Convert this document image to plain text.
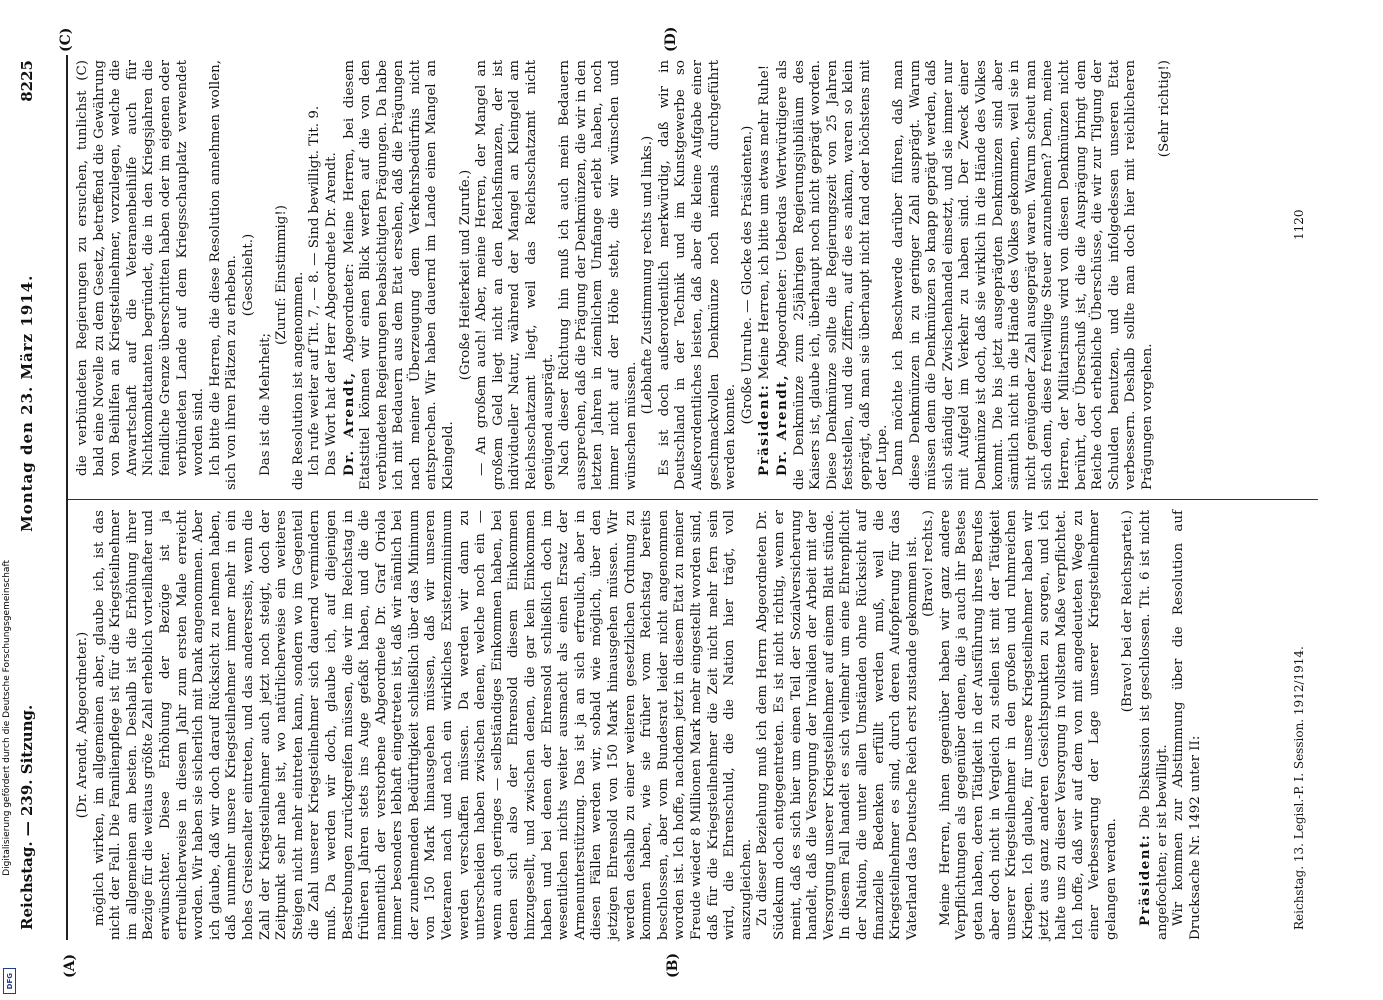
Reichstag. — 239. Sitzung.
Montag den 23. März 1914.
8225
(A)	(B)
(C)	(D)

(Dr. Arendt, Abgeordneter.) möglich wirken, im allgemeinen aber, glaube ich, ist das nicht der Fall. Die Familienpflege ist für die Kriegsteilnehmer im allgemeinen am besten. Deshalb ist die Erhöhung ihrer Bezüge für die weitaus größte Zahl erheblich vorteilhafter und erwünschter. Diese Erhöhung der Bezüge ist ja erfreulicherweise in diesem Jahr zum ersten Male erreicht worden. Wir haben sie sicherlich mit Dank angenommen. Aber ich glaube, daß wir doch darauf Rücksicht zu nehmen haben, daß nunmehr unsere Kriegsteilnehmer immer mehr in ein hohes Greisenalter eintreten, und das andererseits, wenn die Zahl der Kriegsteilnehmer auch jetzt noch steigt, doch der Zeitpunkt sehr nahe ist, wo natürlicherweise ein weiteres Steigen nicht mehr eintreten kann, sondern wo im Gegenteil die Zahl unserer Kriegsteilnehmer sich dauernd vermindern muß. Da werden wir doch, glaube ich, auf diejenigen Bestrebungen zurückgreifen müssen, die wir im Reichstag in früheren Jahren stets ins Auge gefaßt haben, und die die namentlich der verstorbene Abgeordnete Dr. Graf Oriola immer besonders lebhaft eingetreten ist, daß wir nämlich bei der zunehmenden Bedürftigkeit schließlich über das Minimum von 150 Mark hinausgehen müssen, daß wir unseren Veteranen nach und nach ein wirkliches Existenzminimum werden verschaffen müssen. Da werden wir dann zu unterscheiden haben zwischen denen, welche noch ein — wenn auch geringes — selbständiges Einkommen haben, bei denen sich also der Ehrensold diesem Einkommen hinzugesellt, und zwischen denen, die gar kein Einkommen haben und bei denen der Ehrensold schließlich doch im wesentlichen nichts weiter ausmacht als einen Ersatz der Armenunterstützung. Das ist ja an sich erfreulich, aber in diesen Fällen werden wir, sobald wie möglich, über den jetzigen Ehrensold von 150 Mark hinausgehen müssen. Wir werden deshalb zu einer weiteren gesetzlichen Ordnung zu kommen haben, wie sie früher vom Reichstag bereits beschlossen, aber vom Bundesrat leider nicht angenommen worden ist. Ich hoffe, nachdem jetzt in diesem Etat zu meiner Freude wieder 8 Millionen Mark mehr eingestellt worden sind, daß für die Kriegsteilnehmer die Zeit nicht mehr fern sein wird, die Ehrenschuld, die die Nation hier trägt, voll auszugleichen. Zu dieser Beziehung muß ich dem Herrn Abgeordneten Dr. Südekum doch entgegentreten. Es ist nicht richtig, wenn er meint, daß es sich hier um einen Teil der Sozialversicherung handelt, daß die Versorgung der Invaliden der Arbeit mit der Versorgung unserer Kriegsteilnehmer auf einem Blatt stünde. In diesem Fall handelt es sich vielmehr um eine Ehrenpflicht der Nation, die unter allen Umständen ohne Rücksicht auf finanzielle Bedenken erfüllt werden muß, weil die Kriegsteilnehmer es sind, durch deren Aufopferung für das Vaterland das Deutsche Reich erst zustande gekommen ist. (Bravo! rechts.) Meine Herren, ihnen gegenüber haben wir ganz andere Verpflichtungen als gegenüber denen, die ja auch ihr Bestes getan haben, deren Tätigkeit in der Ausführung ihres Berufes aber doch nicht in Vergleich zu stellen ist mit der Tätigkeit unserer Kriegsteilnehmer in den großen und ruhmreichen Kriegen. Ich glaube, für unsere Kriegsteilnehmer haben wir jetzt aus ganz anderen Gesichtspunkten zu sorgen, und ich halte uns zu dieser Versorgung in vollstem Maße verpflichtet. Ich hoffe, daß wir auf dem von mit angedeuteten Wege zu einer Verbesserung der Lage unserer Kriegsteilnehmer gelangen werden.

(Bravo! bei der Reichspartei.)

Präsident: Die Diskussion ist geschlossen. Tit. 6 ist nicht angefochten; er ist bewilligt. Wir kommen zur Abstimmung über die Resolution auf Drucksache Nr. 1492 unter II:

die verbündeten Regierungen zu ersuchen, tunlichst (C) bald eine Novelle zu dem Gesetz, betreffend die Gewährung von Beihilfen an Kriegsteilnehmer, vorzulegen, welche die Anwartschaft auf die Veteranenbeihilfe auch für Nichtkombattanten begründet, die in den Kriegsjahren die feindliche Grenze überschritten haben oder im eigenen oder verbündeten Lande auf dem Kriegsschauplatz verwendet worden sind. Ich bitte die Herren, die diese Resolution annehmen wollen, sich von ihren Plätzen zu erheben. (Geschieht.)

Das ist die Mehrheit;

(Zuruf: Einstimmig!) die Resolution ist angenommen. Ich rufe weiter auf Tit. 7, — 8. — Sind bewilligt. Tit. 9. Das Wort hat der Herr Abgeordnete Dr. Arendt. Dr. Arendt, Abgeordneter: Meine Herren, bei diesem Etatstitel können wir einen Blick werfen auf die von den verbündeten Regierungen beabsichtigten Prägungen. Da habe ich mit Bedauern aus dem Etat ersehen, daß die Prägungen nach meiner Überzeugung dem Verkehrsbedürfnis nicht entsprechen. Wir haben dauernd im Lande einen Mangel an Kleingeld.

(Große Heiterkeit und Zurufe.) — An großem auch! Aber, meine Herren, der Mangel an großem Geld liegt nicht an den Reichsfinanzen, der ist individueller Natur, während der Mangel an Kleingeld am Reichsschatzamt liegt, weil das Reichsschatzamt nicht genügend ausprägt. Nach dieser Richtung hin muß ich auch mein Bedauern aussprechen, daß die Prägung der Denkmünzen, die wir in den letzten Jahren in ziemlichem Umfange erlebt haben, noch immer nicht auf der Höhe steht, die wir wünschen und wünschen müssen.

(Lebhafte Zustimmung rechts und links.) Es ist doch außerordentlich merkwürdig, daß wir in Deutschland in der Technik und im Kunstgewerbe so Außerordentliches leisten, daß aber die kleine Aufgabe einer geschmackvollen Denkmünze noch niemals durchgeführt werden konnte.

(Große Unruhe. — Glocke des Präsidenten.)

Präsident: Meine Herren, ich bitte um etwas mehr Ruhe!

Dr. Arendt, Abgeordneter: Ueberdas Wertwürdigere als die Denkmünze zum 25jährigen Regierungsjubiläum des Kaisers ist, glaube ich, überhaupt noch nicht geprägt worden. Diese Denkmünze sollte die Regierungszeit von 25 Jahren feststellen, und die Ziffern, auf die es ankam, waren so klein geprägt, daß man sie überhaupt nicht fand oder höchstens mit der Lupe. Dann möchte ich Beschwerde darüber führen, daß man diese Denkmünzen in zu geringer Zahl ausprägt. Warum müssen denn die Denkmünzen so knapp geprägt werden, daß sich ständig der Zwischenhandel einsetzt, und sie immer nur mit Aufgeld im Verkehr zu haben sind. Der Zweck einer Denkmünze ist doch, daß sie wirklich in die Hände des Volkes kommt. Die bis jetzt ausgeprägten Denkmünzen sind aber sämtlich nicht in die Hände des Volkes gekommen, weil sie in nicht genügender Zahl ausgeprägt waren. Warum scheut man sich denn, diese freiwillige Steuer anzunehmen? Denn, meine Herren, der Militarismus wird von diesen Denkmünzen nicht berührt, der Überschuß ist, die die Ausprägung bringt dem Reiche doch erhebliche Überschüsse, die wir zur Tilgung der Schulden benutzen, und die infolgedessen unseren Etat verbessern. Deshalb sollte man doch hier mit reichlicheren Prägungen vorgehen.

(Sehr richtig!)

Reichstag. 13. Legisl.-P. I. Session. 1912/1914.
1120
Digitalisierung gefördert durch die Deutsche Forschungsgemeinschaft
DFG
